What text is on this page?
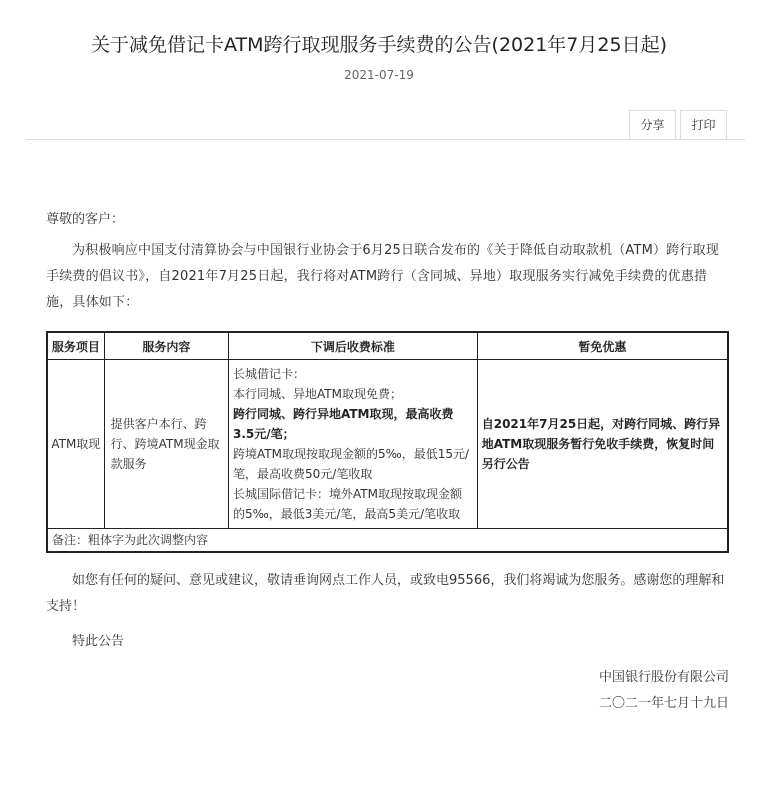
关于减免借记卡ATM跨行取现服务手续费的公告(2021年7月25日起)
2021-07-19
分享	打印
尊敬的客户：
为积极响应中国支付清算协会与中国银行业协会于6月25日联合发布的《关于降低自动取款机（ATM）跨行取现手续费的倡议书》，自2021年7月25日起，我行将对ATM跨行（含同城、异地）取现服务实行减免手续费的优惠措施，具体如下：
服务项目	服务内容	下调后收费标准	暂免优惠
ATM取现	提供客户本行、跨行、跨境ATM现金取款服务	长城借记卡：
本行同城、异地ATM取现免费；
跨行同城、跨行异地ATM取现，最高收费3.5元/笔；
跨境ATM取现按取现金额的5‰，最低15元/笔，最高收费50元/笔收取
长城国际借记卡：境外ATM取现按取现金额的5‰，最低3美元/笔，最高5美元/笔收取	自2021年7月25日起，对跨行同城、跨行异地ATM取现服务暂行免收手续费，恢复时间另行公告
备注：粗体字为此次调整内容			
如您有任何的疑问、意见或建议，敬请垂询网点工作人员，或致电95566，我们将竭诚为您服务。感谢您的理解和支持！
特此公告
中国银行股份有限公司
二〇二一年七月十九日
